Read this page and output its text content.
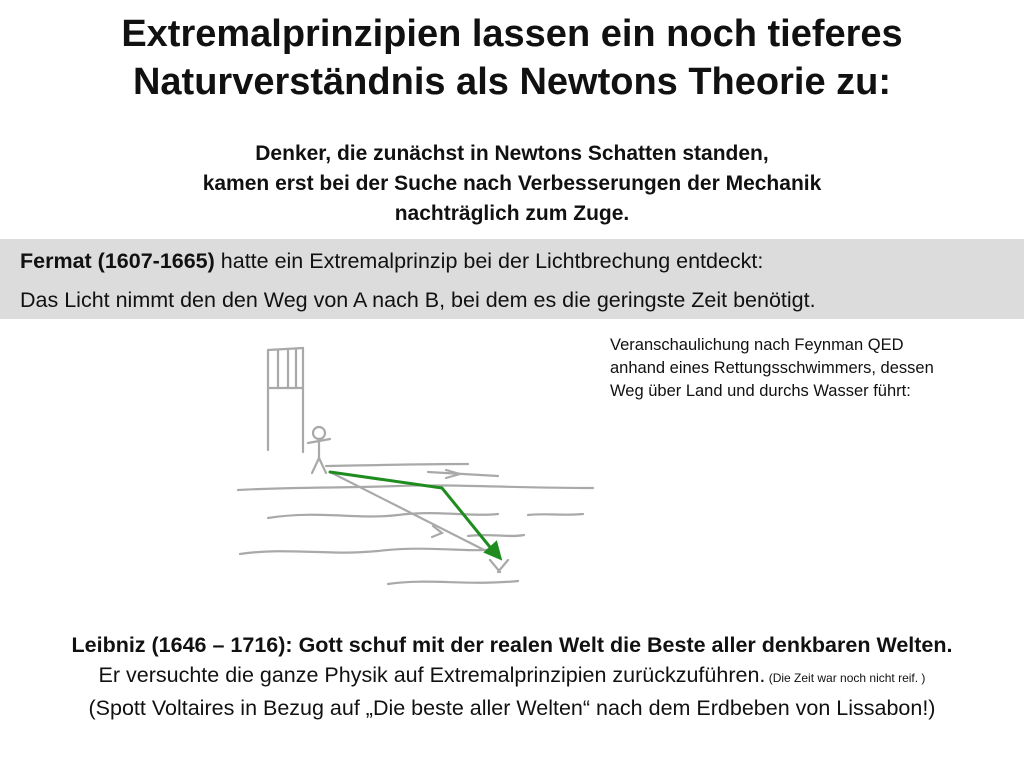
Extremalprinzipien lassen ein noch tieferes
Naturverständnis als Newtons Theorie zu:
Denker, die zunächst in Newtons Schatten standen,
kamen erst bei der Suche nach Verbesserungen der Mechanik
nachträglich zum Zuge.
Fermat (1607-1665) hatte ein Extremalprinzip bei der Lichtbrechung entdeckt:
Das Licht nimmt den den Weg von A nach B, bei dem es die geringste Zeit benötigt.
Veranschaulichung nach Feynman QED
anhand eines Rettungsschwimmers, dessen
Weg über Land und durchs Wasser führt:
Leibniz (1646 – 1716): Gott schuf mit der realen Welt die Beste aller denkbaren Welten.
Er versuchte die ganze Physik auf Extremalprinzipien zurückzuführen. (Die Zeit war noch nicht reif. )
(Spott Voltaires in Bezug auf „Die beste aller Welten“ nach dem Erdbeben von Lissabon!)
